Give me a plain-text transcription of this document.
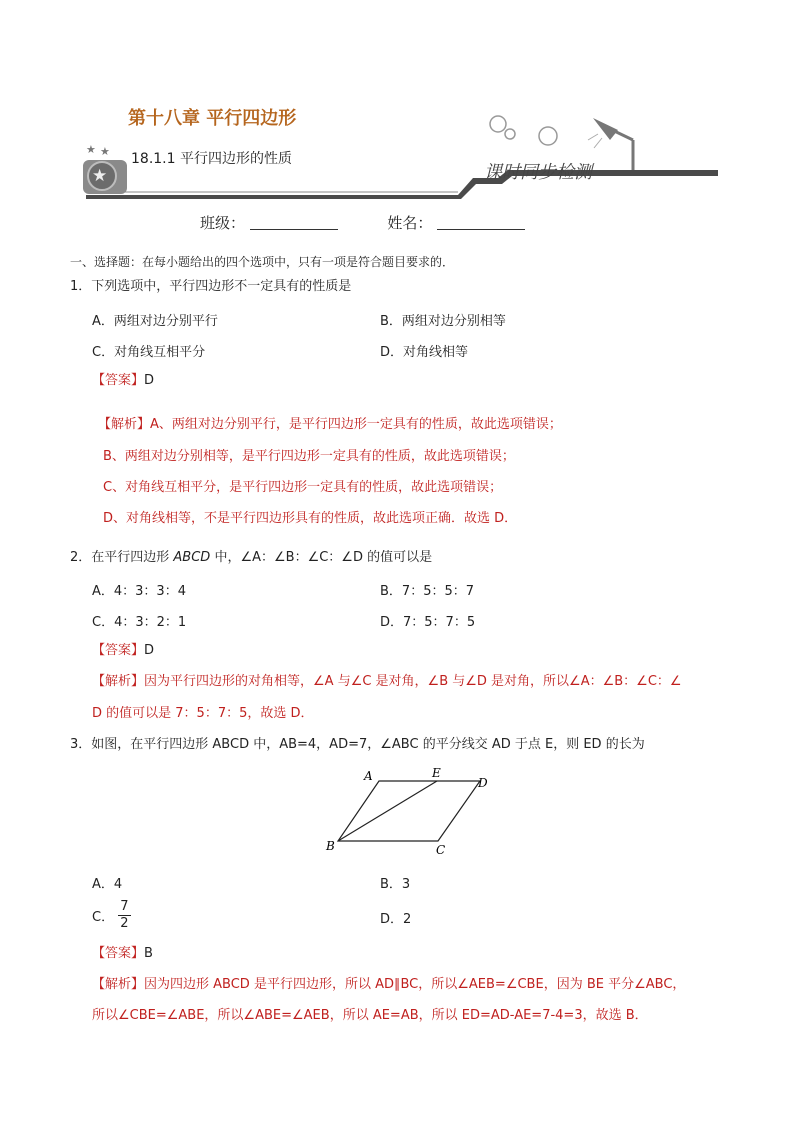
★
★ ★
第十八章 平行四边形
18.1.1 平行四边形的性质
课时同步检测
班级：	姓名：
一、选择题：在每小题给出的四个选项中，只有一项是符合题目要求的．
1．下列选项中，平行四边形不一定具有的性质是
A．两组对边分别平行	B．两组对边分别相等
C．对角线互相平分	D．对角线相等
【答案】D
【解析】A、两组对边分别平行，是平行四边形一定具有的性质，故此选项错误；
B、两组对边分别相等，是平行四边形一定具有的性质，故此选项错误；
C、对角线互相平分，是平行四边形一定具有的性质，故此选项错误；
D、对角线相等，不是平行四边形具有的性质，故此选项正确．故选 D．
2．在平行四边形 ABCD 中，∠A：∠B：∠C：∠D 的值可以是
A．4：3：3：4	B．7：5：5：7
C．4：3：2：1	D．7：5：7：5
【答案】D
【解析】因为平行四边形的对角相等，∠A 与∠C 是对角，∠B 与∠D 是对角，所以∠A：∠B：∠C：∠
D 的值可以是 7：5：7：5，故选 D．
3．如图，在平行四边形 ABCD 中，AB=4，AD=7，∠ABC 的平分线交 AD 于点 E，则 ED 的长为
A	E
D
B	C
A．4	B．3
C． $\frac{7}{2}$	D．2
【答案】B
【解析】因为四边形 ABCD 是平行四边形，所以 AD∥BC，所以∠AEB=∠CBE，因为 BE 平分∠ABC，
所以∠CBE=∠ABE，所以∠ABE=∠AEB，所以 AE=AB，所以 ED=AD-AE=7-4=3，故选 B．
